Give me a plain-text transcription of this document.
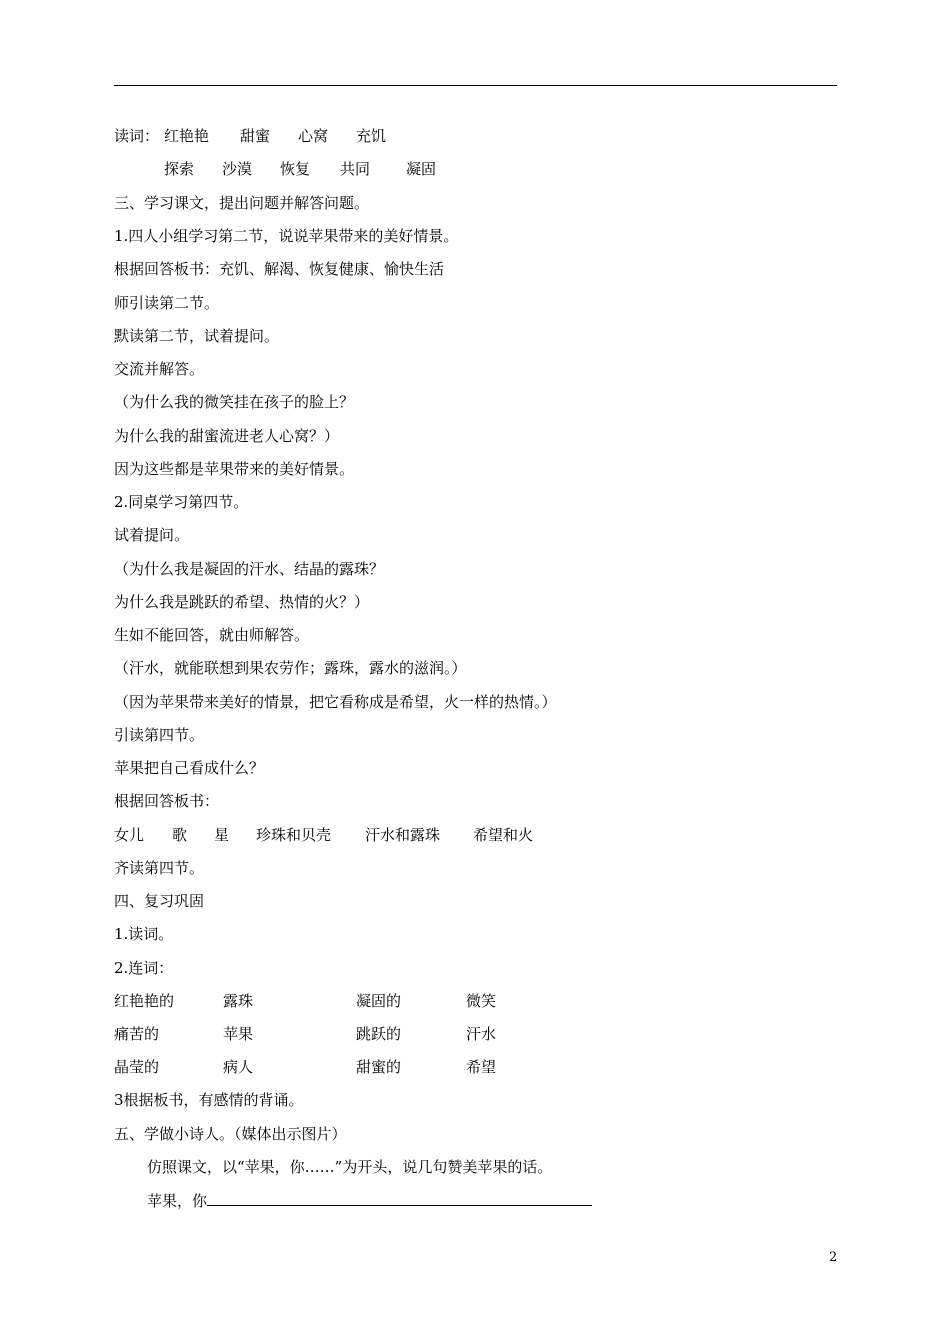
读词： 红艳艳 甜蜜 心窝 充饥
探索 沙漠 恢复 共同 凝固
三、学习课文，提出问题并解答问题。
1.四人小组学习第二节，说说苹果带来的美好情景。
根据回答板书：充饥、解渴、恢复健康、愉快生活
师引读第二节。
默读第二节，试着提问。
交流并解答。
（为什么我的微笑挂在孩子的脸上？
为什么我的甜蜜流进老人心窝？）
因为这些都是苹果带来的美好情景。
2.同桌学习第四节。
试着提问。
（为什么我是凝固的汗水、结晶的露珠？
为什么我是跳跃的希望、热情的火？）
生如不能回答，就由师解答。
（汗水，就能联想到果农劳作；露珠，露水的滋润。）
（因为苹果带来美好的情景，把它看称成是希望，火一样的热情。）
引读第四节。
苹果把自己看成什么？
根据回答板书：
女儿 歌 星 珍珠和贝壳 汗水和露珠 希望和火
齐读第四节。
四、复习巩固
1.读词。
2.连词：
红艳艳的	露珠	凝固的	微笑
痛苦的	苹果	跳跃的	汗水
晶莹的	病人	甜蜜的	希望
3根据板书，有感情的背诵。
五、学做小诗人。（媒体出示图片）
仿照课文，以“苹果，你……”为开头，说几句赞美苹果的话。
苹果，你
2
